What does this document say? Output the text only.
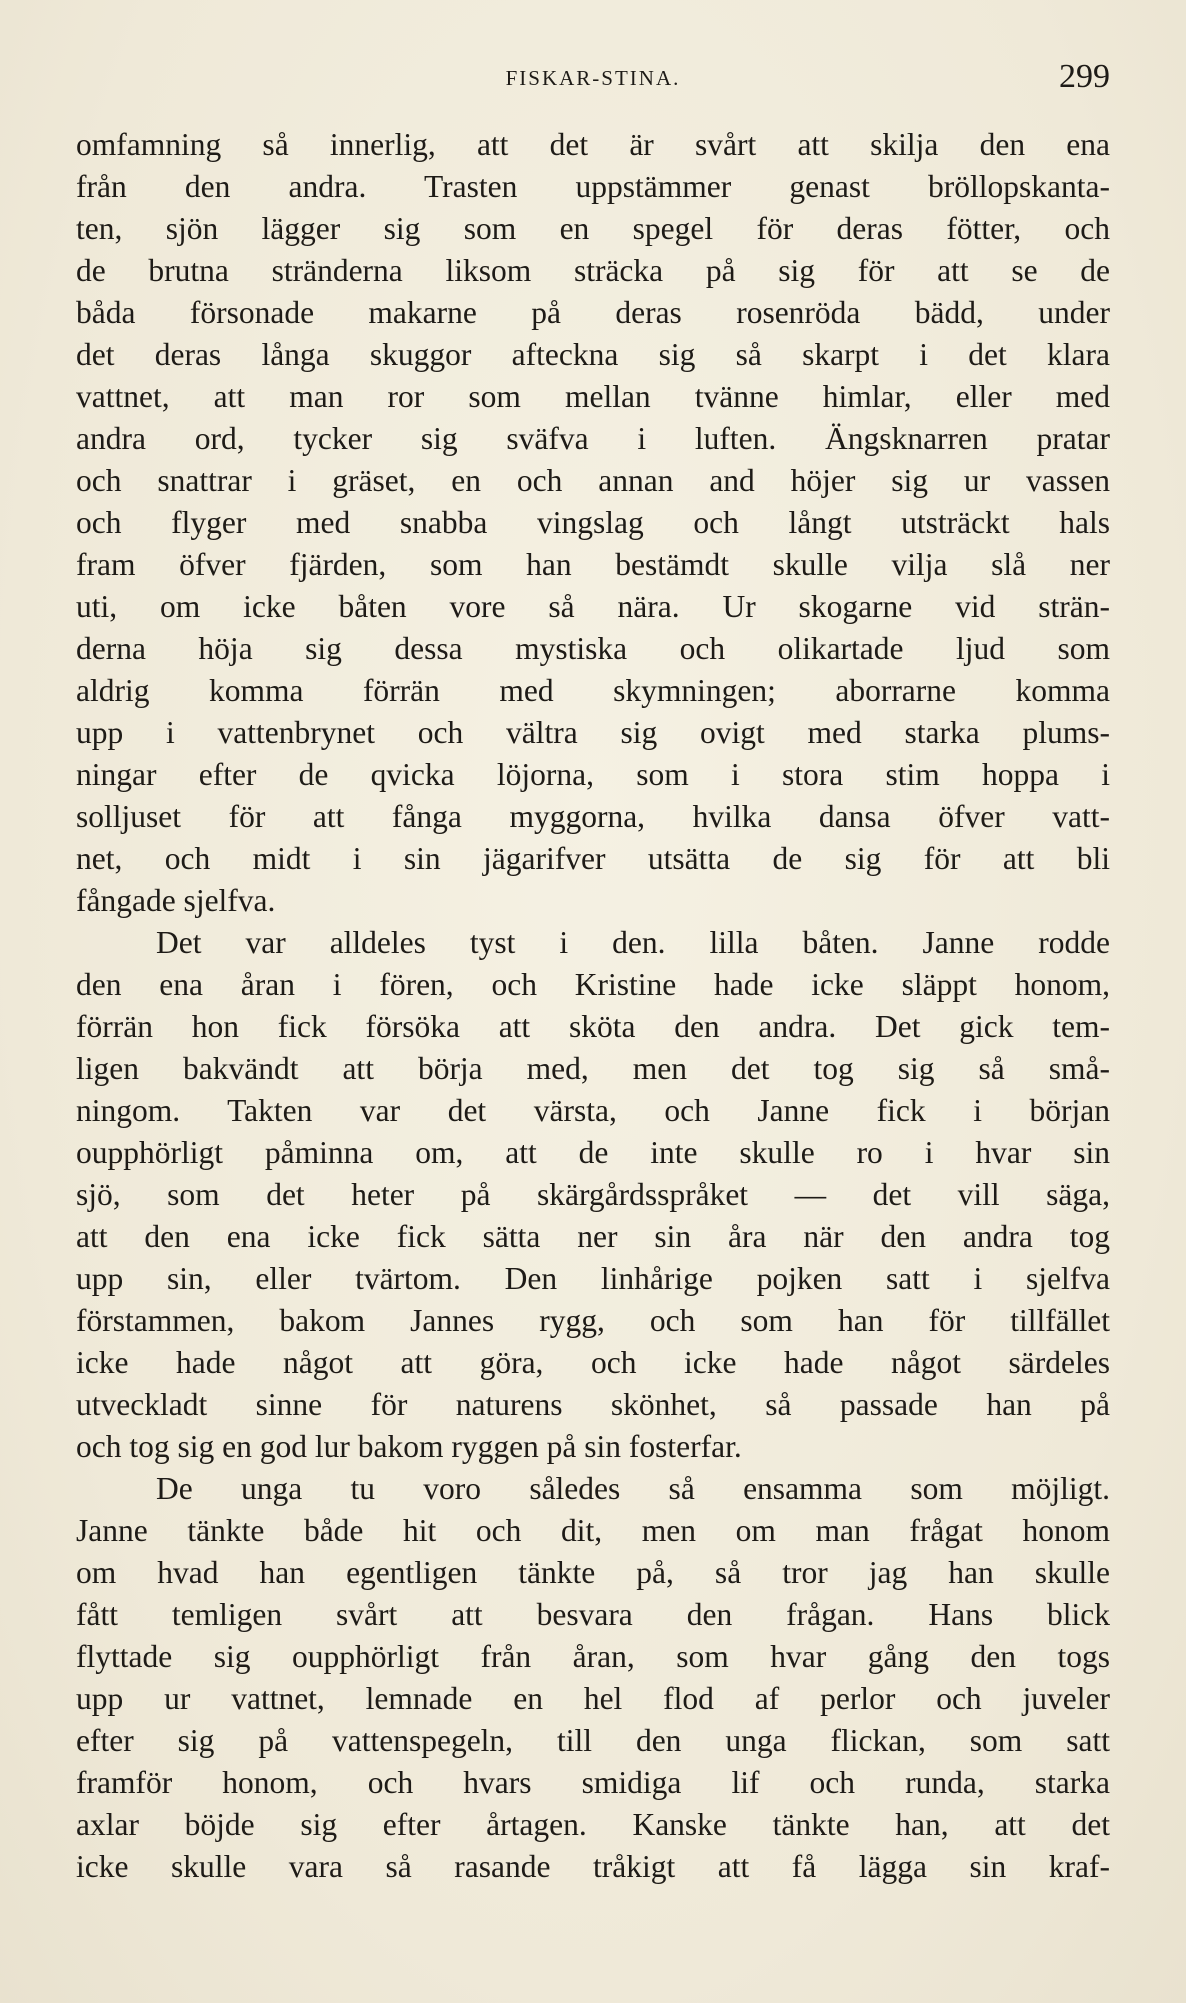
FISKAR-STINA.	299
omfamning så innerlig, att det är svårt att skilja den ena
från den andra. Trasten uppstämmer genast bröllopskanta-
ten, sjön lägger sig som en spegel för deras fötter, och
de brutna stränderna liksom sträcka på sig för att se de
båda försonade makarne på deras rosenröda bädd, under
det deras långa skuggor afteckna sig så skarpt i det klara
vattnet, att man ror som mellan tvänne himlar, eller med
andra ord, tycker sig sväfva i luften. Ängsknarren pratar
och snattrar i gräset, en och annan and höjer sig ur vassen
och flyger med snabba vingslag och långt utsträckt hals
fram öfver fjärden, som han bestämdt skulle vilja slå ner
uti, om icke båten vore så nära. Ur skogarne vid strän-
derna höja sig dessa mystiska och olikartade ljud som
aldrig komma förrän med skymningen; aborrarne komma
upp i vattenbrynet och vältra sig ovigt med starka plums-
ningar efter de qvicka löjorna, som i stora stim hoppa i
solljuset för att fånga myggorna, hvilka dansa öfver vatt-
net, och midt i sin jägarifver utsätta de sig för att bli
fångade sjelfva.
Det var alldeles tyst i den. lilla båten. Janne rodde
den ena åran i fören, och Kristine hade icke släppt honom,
förrän hon fick försöka att sköta den andra. Det gick tem-
ligen bakvändt att börja med, men det tog sig så små-
ningom. Takten var det värsta, och Janne fick i början
oupphörligt påminna om, att de inte skulle ro i hvar sin
sjö, som det heter på skärgårdsspråket — det vill säga,
att den ena icke fick sätta ner sin åra när den andra tog
upp sin, eller tvärtom. Den linhårige pojken satt i sjelfva
förstammen, bakom Jannes rygg, och som han för tillfället
icke hade något att göra, och icke hade något särdeles
utveckladt sinne för naturens skönhet, så passade han på
och tog sig en god lur bakom ryggen på sin fosterfar.
De unga tu voro således så ensamma som möjligt.
Janne tänkte både hit och dit, men om man frågat honom
om hvad han egentligen tänkte på, så tror jag han skulle
fått temligen svårt att besvara den frågan. Hans blick
flyttade sig oupphörligt från åran, som hvar gång den togs
upp ur vattnet, lemnade en hel flod af perlor och juveler
efter sig på vattenspegeln, till den unga flickan, som satt
framför honom, och hvars smidiga lif och runda, starka
axlar böjde sig efter årtagen. Kanske tänkte han, att det
icke skulle vara så rasande tråkigt att få lägga sin kraf-
